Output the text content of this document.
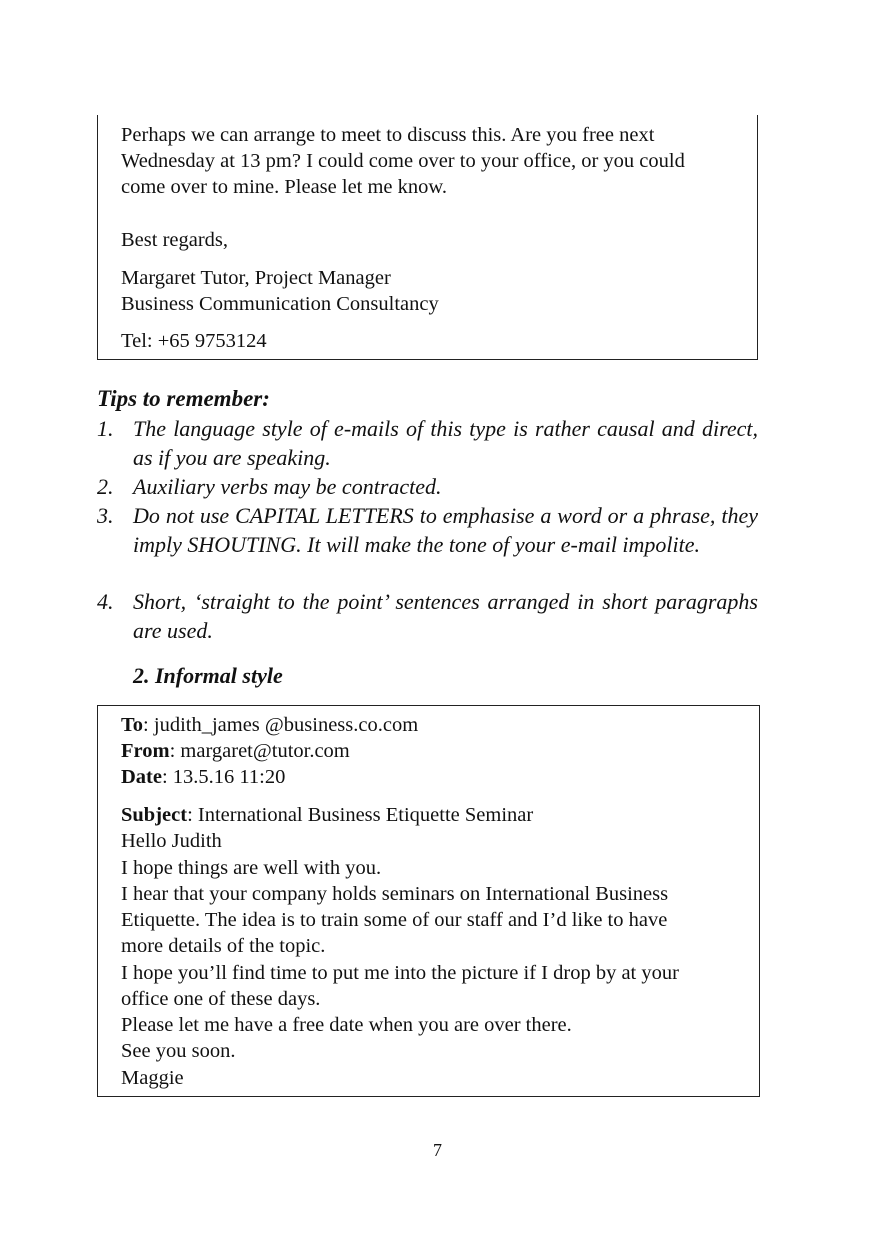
Perhaps we can arrange to meet to discuss this. Are you free next
Wednesday at 13 pm? I could come over to your office, or you could
come over to mine. Please let me know.
Best regards,
Margaret Tutor, Project Manager
Business Communication Consultancy
Tel: +65 9753124
Tips to remember:
1. The language style of e-mails of this type is rather causal and direct, as if you are speaking.
2. Auxiliary verbs may be contracted.
3. Do not use CAPITAL LETTERS to emphasise a word or a phrase, they imply SHOUTING. It will make the tone of your e-mail impolite.
4. Short, ‘straight to the point’ sentences arranged in short paragraphs are used.
2. Informal style
To: judith_james @business.co.com
From: margaret@tutor.com
Date: 13.5.16 11:20
Subject: International Business Etiquette Seminar
Hello Judith
I hope things are well with you.
I hear that your company holds seminars on International Business
Etiquette. The idea is to train some of our staff and I’d like to have
more details of the topic.
I hope you’ll find time to put me into the picture if I drop by at your
office one of these days.
Please let me have a free date when you are over there.
See you soon.
Maggie
7
